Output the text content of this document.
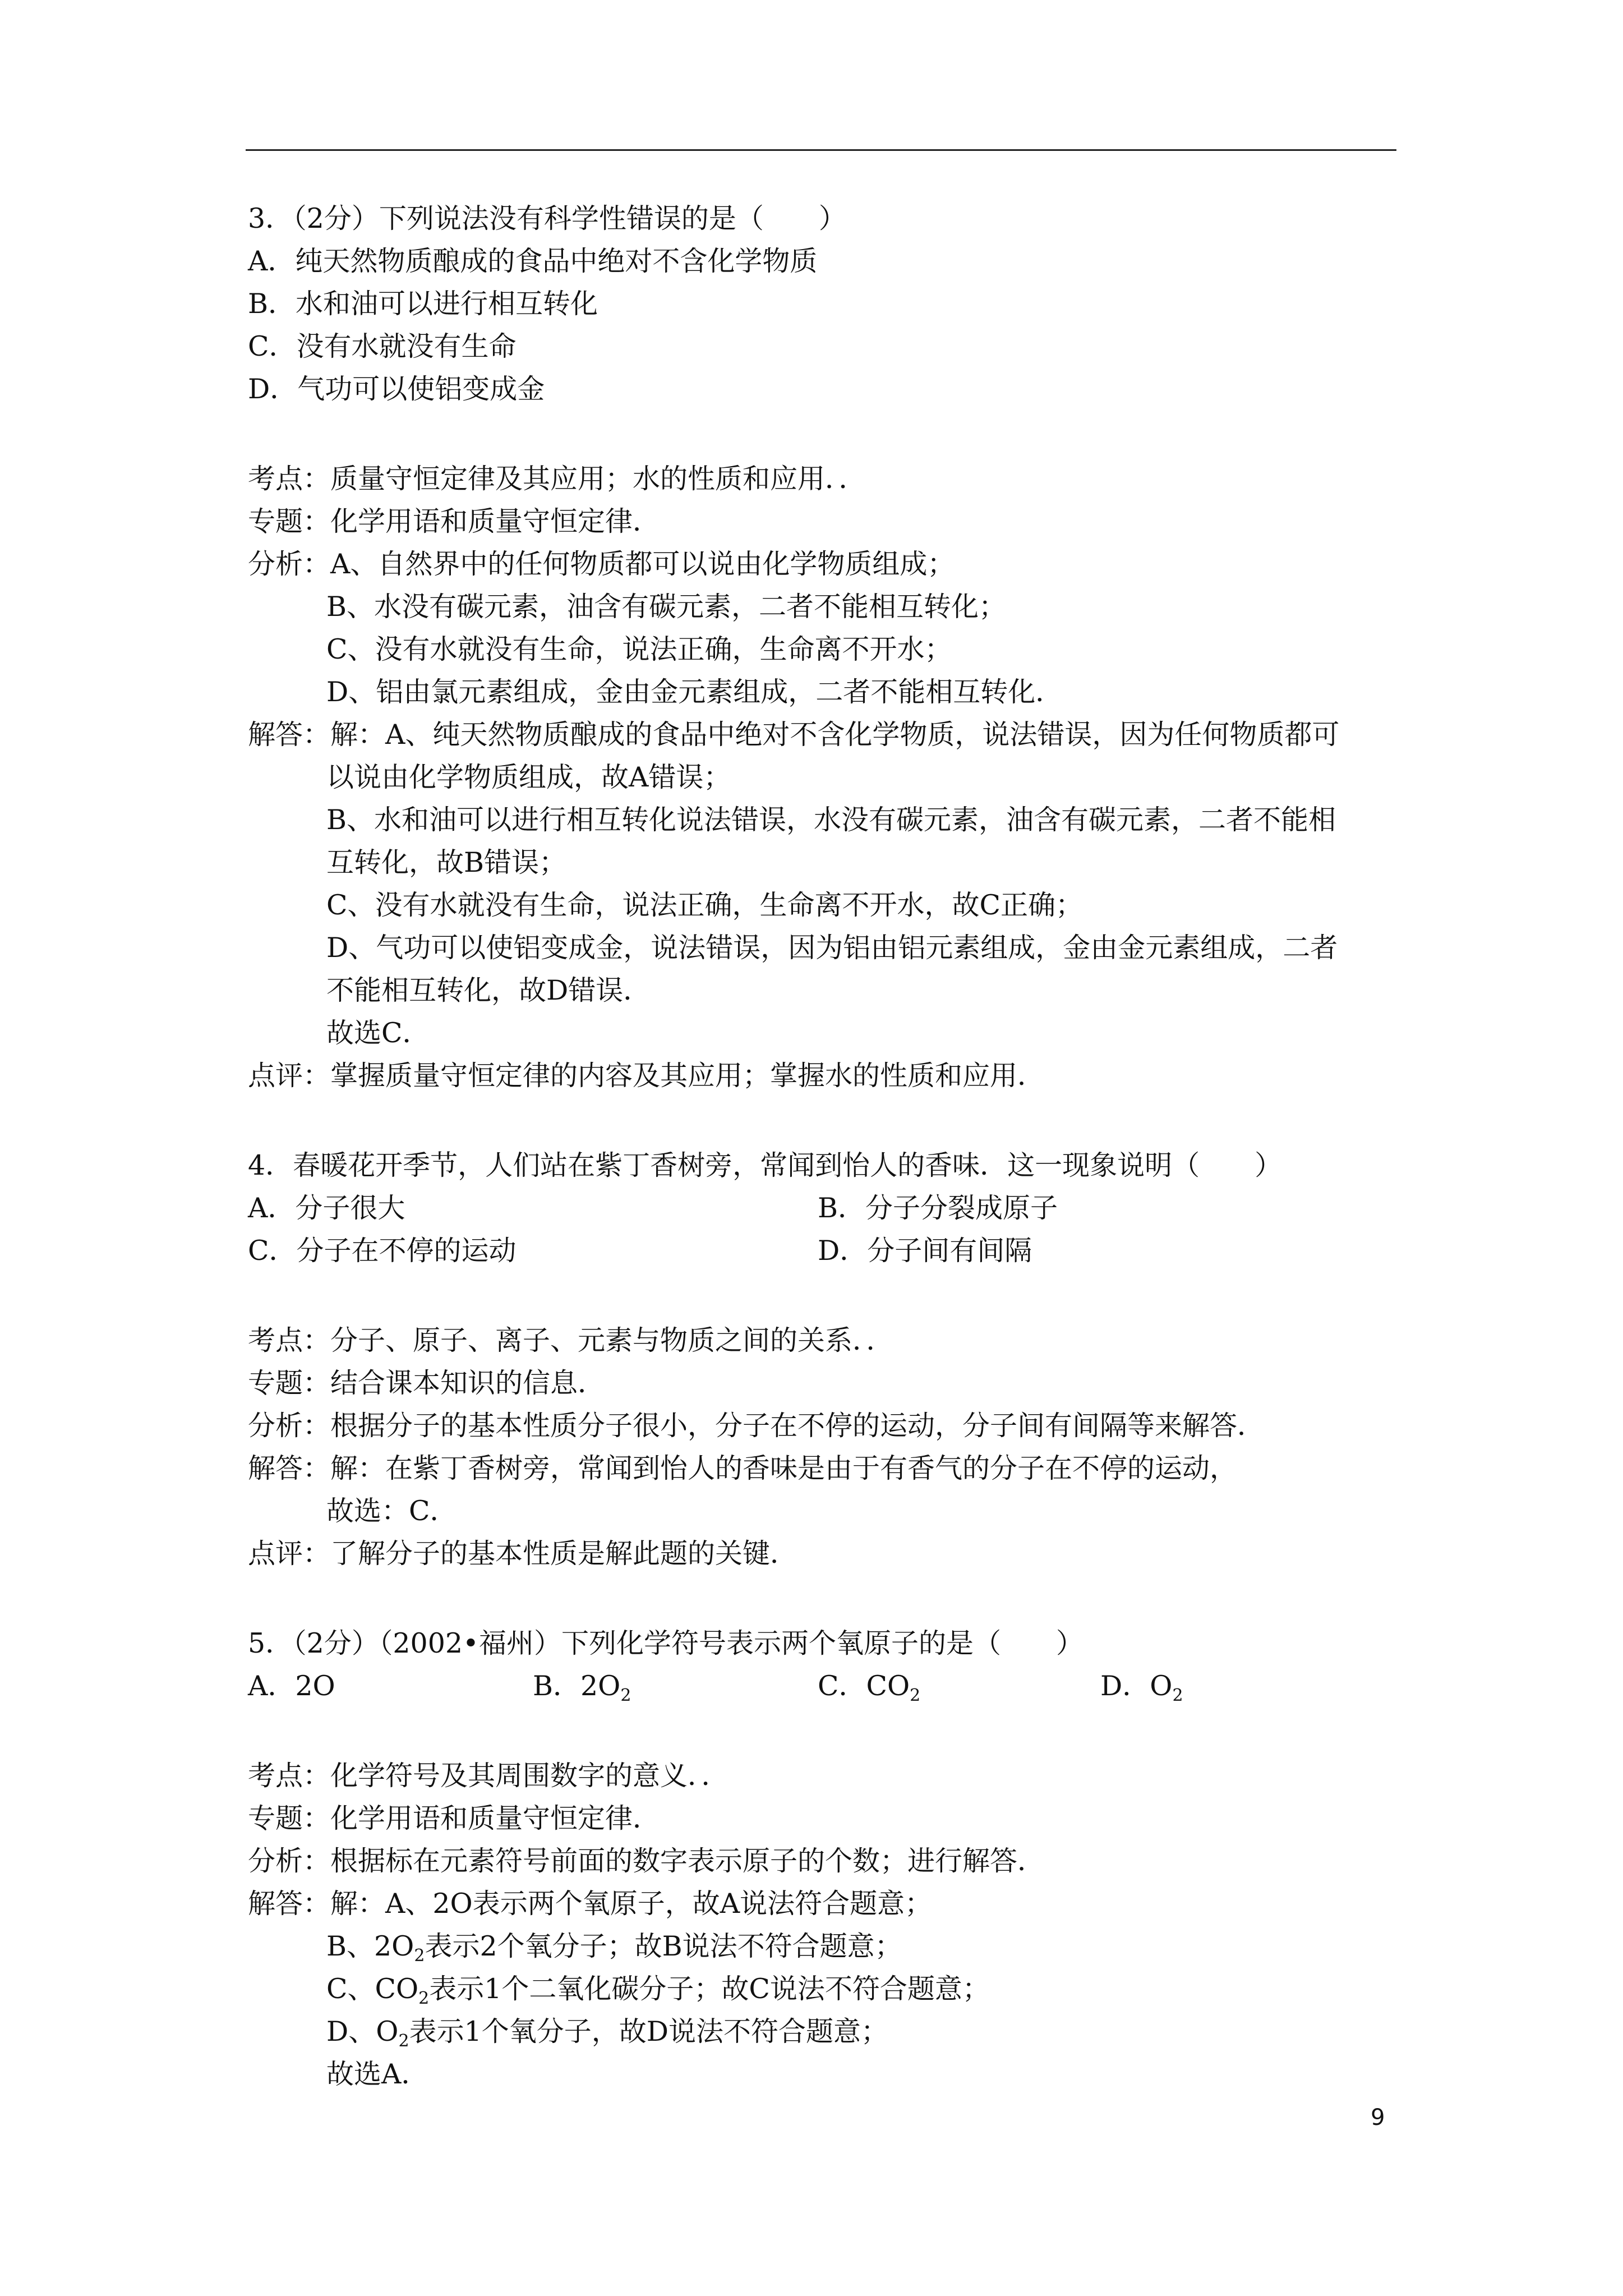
3．（2分）下列说法没有科学性错误的是（　　）
A．纯天然物质酿成的食品中绝对不含化学物质
B．水和油可以进行相互转化
C．没有水就没有生命
D．气功可以使铝变成金
考点：质量守恒定律及其应用；水的性质和应用．．
专题：化学用语和质量守恒定律．
分析：A、自然界中的任何物质都可以说由化学物质组成；
B、水没有碳元素，油含有碳元素，二者不能相互转化；
C、没有水就没有生命，说法正确，生命离不开水；
D、铝由氯元素组成，金由金元素组成，二者不能相互转化．
解答：解：A、纯天然物质酿成的食品中绝对不含化学物质，说法错误，因为任何物质都可
以说由化学物质组成，故A错误；
B、水和油可以进行相互转化说法错误，水没有碳元素，油含有碳元素，二者不能相
互转化，故B错误；
C、没有水就没有生命，说法正确，生命离不开水，故C正确；
D、气功可以使铝变成金，说法错误，因为铝由铝元素组成，金由金元素组成，二者
不能相互转化，故D错误．
故选C．
点评：掌握质量守恒定律的内容及其应用；掌握水的性质和应用．
4．春暖花开季节，人们站在紫丁香树旁，常闻到怡人的香味．这一现象说明（　　）
A．分子很大	B．分子分裂成原子
C．分子在不停的运动	D．分子间有间隔
考点：分子、原子、离子、元素与物质之间的关系．．
专题：结合课本知识的信息．
分析：根据分子的基本性质分子很小，分子在不停的运动，分子间有间隔等来解答．
解答：解：在紫丁香树旁，常闻到怡人的香味是由于有香气的分子在不停的运动，
故选：C．
点评：了解分子的基本性质是解此题的关键．
5．（2分）（2002•福州）下列化学符号表示两个氧原子的是（　　）
A．2O	B．$2O_2$	C．$CO_2$	D．$O_2$
考点：化学符号及其周围数字的意义．．
专题：化学用语和质量守恒定律．
分析：根据标在元素符号前面的数字表示原子的个数；进行解答．
解答：解：A、2O表示两个氧原子，故A说法符合题意；
B、$2O_2$表示2个氧分子；故B说法不符合题意；
C、$CO_2$表示1个二氧化碳分子；故C说法不符合题意；
D、$O_2$表示1个氧分子，故D说法不符合题意；
故选A．
9
